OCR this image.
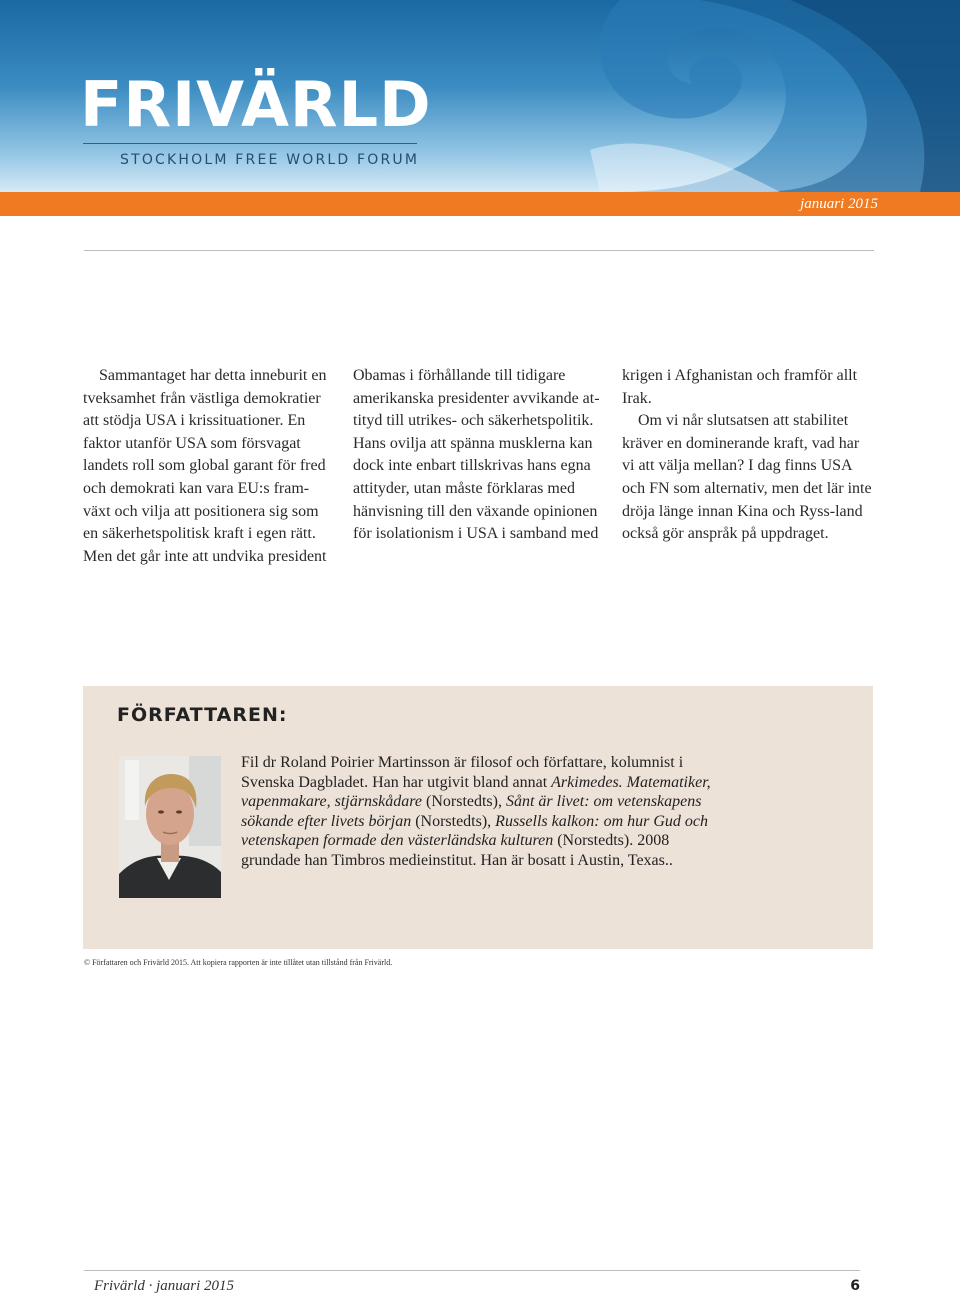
FRIVÄRLD
STOCKHOLM FREE WORLD FORUM
januari 2015

Sammantaget har detta inneburit en tveksamhet från västliga demokratier att stödja USA i krissituationer. En faktor utanför USA som försvagat landets roll som global garant för fred och demokrati kan vara EU:s fram-växt och vilja att positionera sig som en säkerhetspolitisk kraft i egen rätt. Men det går inte att undvika president

Obamas i förhållande till tidigare amerikanska presidenter avvikande at-tityd till utrikes- och säkerhetspolitik. Hans ovilja att spänna musklerna kan dock inte enbart tillskrivas hans egna attityder, utan måste förklaras med hänvisning till den växande opinionen för isolationism i USA i samband med

krigen i Afghanistan och framför allt Irak.

Om vi når slutsatsen att stabilitet kräver en dominerande kraft, vad har vi att välja mellan? I dag finns USA och FN som alternativ, men det lär inte dröja länge innan Kina och Ryss-land också gör anspråk på uppdraget.

FÖRFATTAREN:
Fil dr Roland Poirier Martinsson är filosof och författare, kolumnist i Svenska Dagbladet. Han har utgivit bland annat Arkimedes. Matematiker, vapenmakare, stjärnskådare (Norstedts), Sånt är livet: om vetenskapens sökande efter livets början (Norstedts), Russells kalkon: om hur Gud och vetenskapen formade den västerländska kulturen (Norstedts). 2008 grundade han Timbros medieinstitut. Han är bosatt i Austin, Texas..
© Författaren och Frivärld 2015. Att kopiera rapporten är inte tillåtet utan tillstånd från Frivärld.
Frivärld · januari 2015	6
